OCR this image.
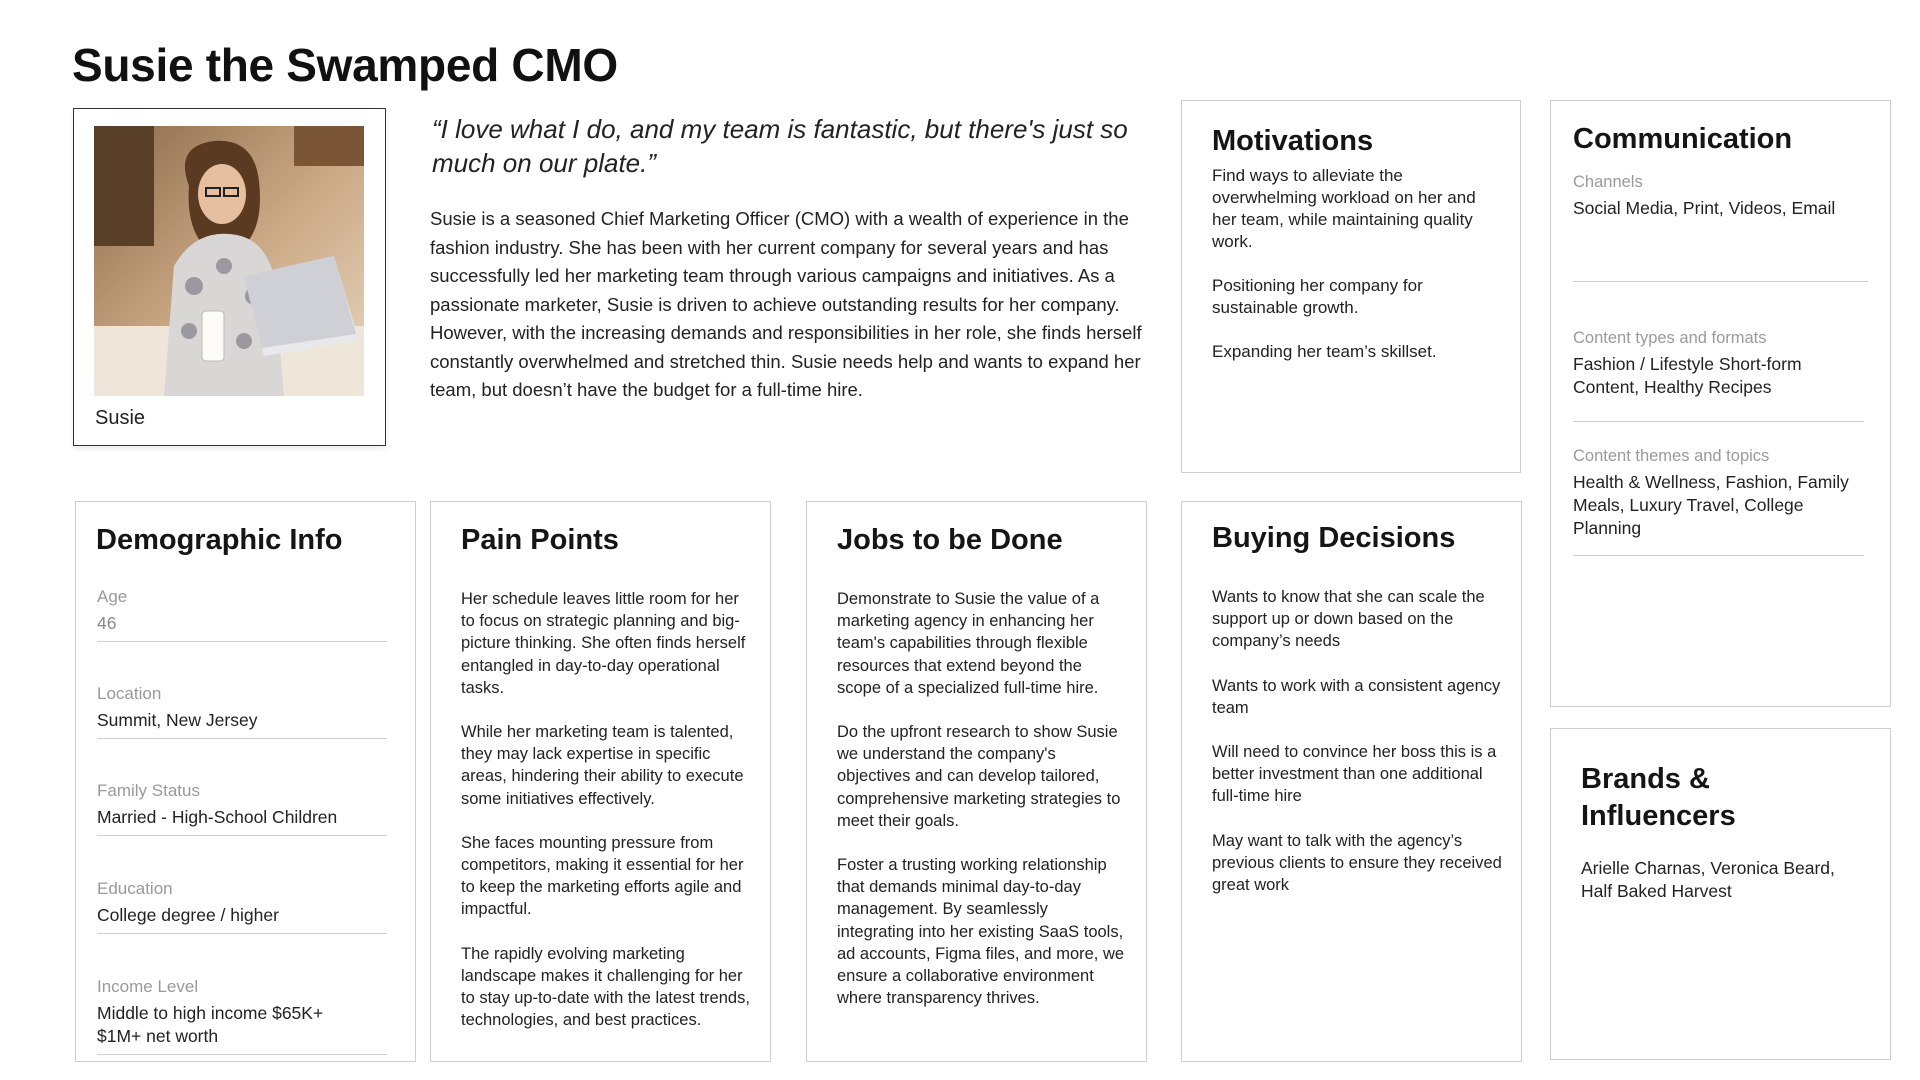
Susie the Swamped CMO
Susie

“I love what I do, and my team is fantastic, but there's just so much on our plate.”

Susie is a seasoned Chief Marketing Officer (CMO) with a wealth of experience in the fashion industry. She has been with her current company for several years and has successfully led her marketing team through various campaigns and initiatives. As a passionate marketer, Susie is driven to achieve outstanding results for her company. However, with the increasing demands and responsibilities in her role, she finds herself constantly overwhelmed and stretched thin. Susie needs help and wants to expand her team, but doesn’t have the budget for a full-time hire.

Motivations

Find ways to alleviate the overwhelming workload on her and her team, while maintaining quality work.

Positioning her company for sustainable growth.

Expanding her team’s skillset.

Communication
Channels
Social Media, Print, Videos, Email
Content types and formats
Fashion / Lifestyle Short-form Content, Healthy Recipes
Content themes and topics
Health & Wellness, Fashion, Family Meals, Luxury Travel, College Planning
Brands & Influencers

Arielle Charnas, Veronica Beard, Half Baked Harvest

Demographic Info
Age
46
Location
Summit, New Jersey
Family Status
Married - High-School Children
Education
College degree / higher
Income Level
Middle to high income $65K+ $1M+ net worth
Pain Points

Her schedule leaves little room for her to focus on strategic planning and big-picture thinking. She often finds herself entangled in day-to-day operational tasks.

While her marketing team is talented, they may lack expertise in specific areas, hindering their ability to execute some initiatives effectively.

She faces mounting pressure from competitors, making it essential for her to keep the marketing efforts agile and impactful.

The rapidly evolving marketing landscape makes it challenging for her to stay up-to-date with the latest trends, technologies, and best practices.

Jobs to be Done

Demonstrate to Susie the value of a marketing agency in enhancing her team's capabilities through flexible resources that extend beyond the scope of a specialized full-time hire.

Do the upfront research to show Susie we understand the company's objectives and can develop tailored, comprehensive marketing strategies to meet their goals.

Foster a trusting working relationship that demands minimal day-to-day management. By seamlessly integrating into her existing SaaS tools, ad accounts, Figma files, and more, we ensure a collaborative environment where transparency thrives.

Buying Decisions

Wants to know that she can scale the support up or down based on the company’s needs

Wants to work with a consistent agency team

Will need to convince her boss this is a better investment than one additional full-time hire

May want to talk with the agency’s previous clients to ensure they received great work
